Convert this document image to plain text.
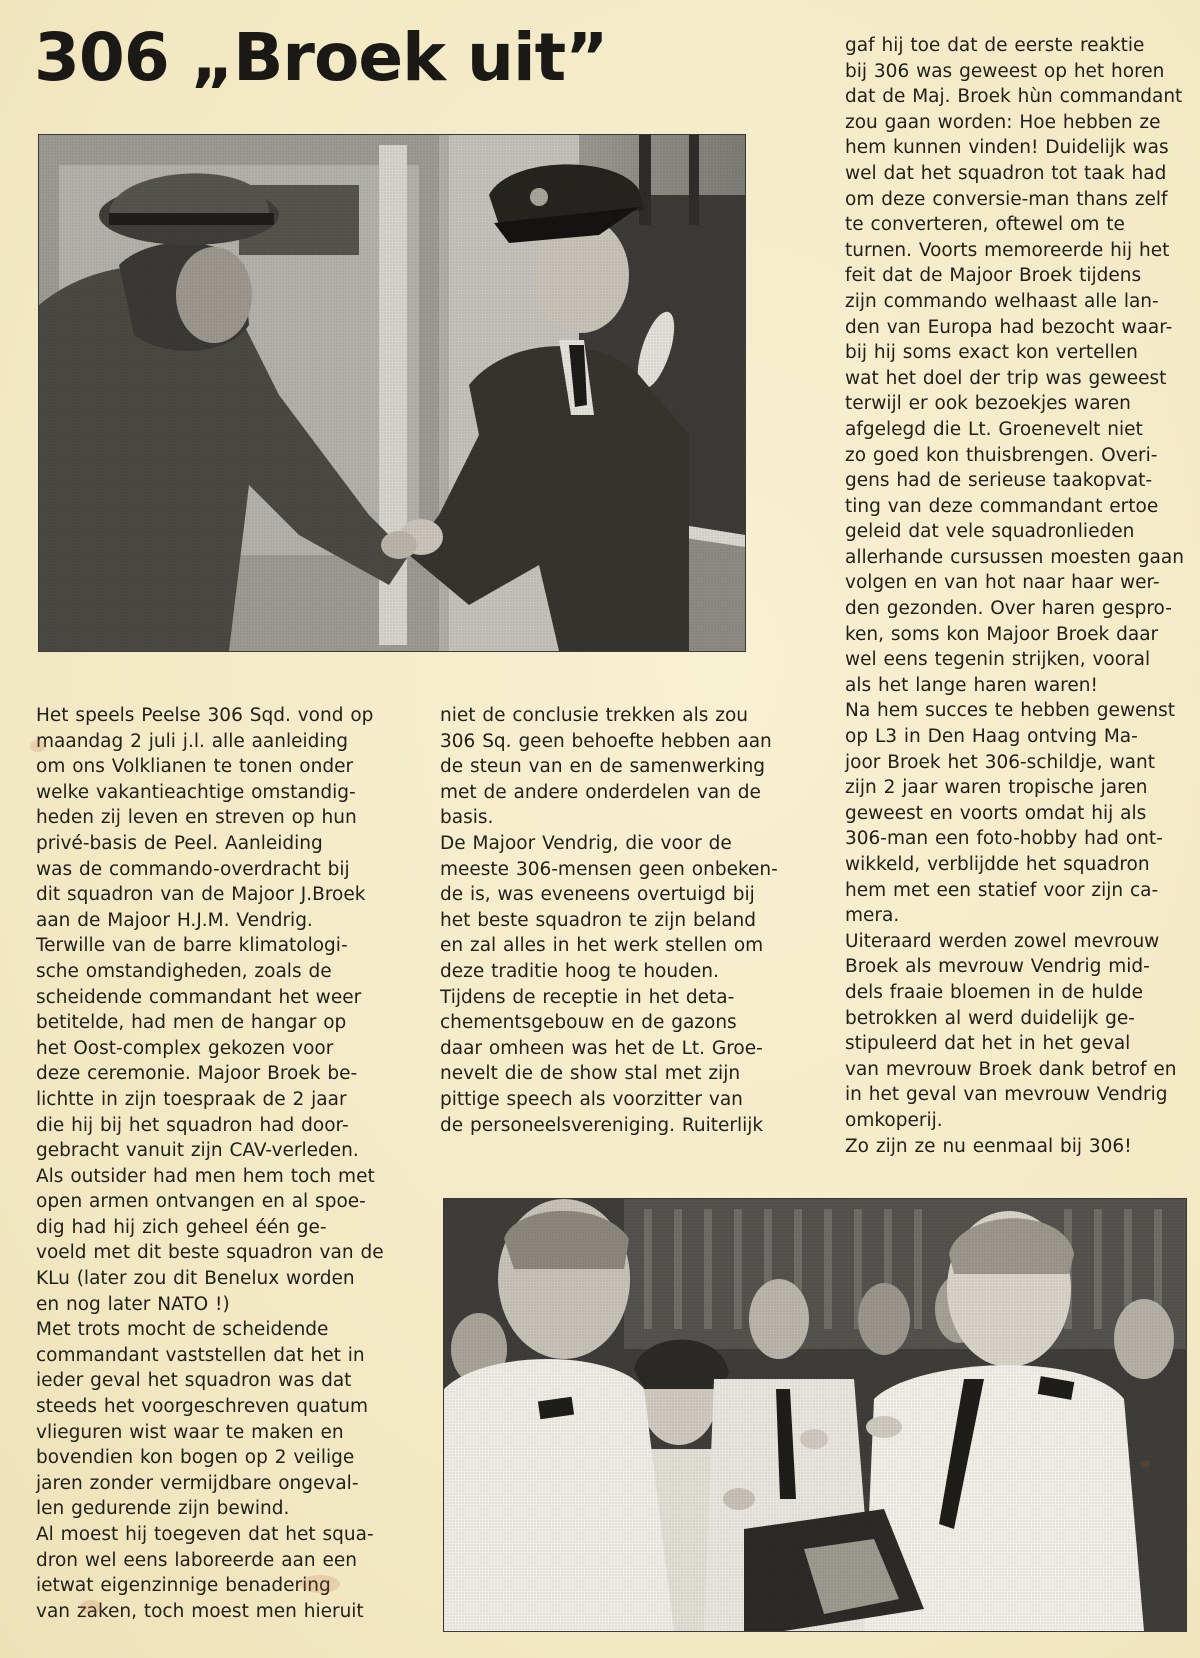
306 „Broek uit”
Het speels Peelse 306 Sqd. vond op
maandag 2 juli j.l. alle aanleiding
om ons Volklianen te tonen onder
welke vakantieachtige omstandig-
heden zij leven en streven op hun
privé-basis de Peel. Aanleiding
was de commando-overdracht bij
dit squadron van de Majoor J.Broek
aan de Majoor H.J.M. Vendrig.
Terwille van de barre klimatologi-
sche omstandigheden, zoals de
scheidende commandant het weer
betitelde, had men de hangar op
het Oost-complex gekozen voor
deze ceremonie. Majoor Broek be-
lichtte in zijn toespraak de 2 jaar
die hij bij het squadron had door-
gebracht vanuit zijn CAV-verleden.
Als outsider had men hem toch met
open armen ontvangen en al spoe-
dig had hij zich geheel één ge-
voeld met dit beste squadron van de
KLu (later zou dit Benelux worden
en nog later NATO !)
Met trots mocht de scheidende
commandant vaststellen dat het in
ieder geval het squadron was dat
steeds het voorgeschreven quatum
vlieguren wist waar te maken en
bovendien kon bogen op 2 veilige
jaren zonder vermijdbare ongeval-
len gedurende zijn bewind.
Al moest hij toegeven dat het squa-
dron wel eens laboreerde aan een
ietwat eigenzinnige benadering
van zaken, toch moest men hieruit
niet de conclusie trekken als zou
306 Sq. geen behoefte hebben aan
de steun van en de samenwerking
met de andere onderdelen van de
basis.
De Majoor Vendrig, die voor de
meeste 306-mensen geen onbeken-
de is, was eveneens overtuigd bij
het beste squadron te zijn beland
en zal alles in het werk stellen om
deze traditie hoog te houden.
Tijdens de receptie in het deta-
chementsgebouw en de gazons
daar omheen was het de Lt. Groe-
nevelt die de show stal met zijn
pittige speech als voorzitter van
de personeelsvereniging. Ruiterlijk
gaf hij toe dat de eerste reaktie
bij 306 was geweest op het horen
dat de Maj. Broek hùn commandant
zou gaan worden: Hoe hebben ze
hem kunnen vinden! Duidelijk was
wel dat het squadron tot taak had
om deze conversie-man thans zelf
te converteren, oftewel om te
turnen. Voorts memoreerde hij het
feit dat de Majoor Broek tijdens
zijn commando welhaast alle lan-
den van Europa had bezocht waar-
bij hij soms exact kon vertellen
wat het doel der trip was geweest
terwijl er ook bezoekjes waren
afgelegd die Lt. Groenevelt niet
zo goed kon thuisbrengen. Overi-
gens had de serieuse taakopvat-
ting van deze commandant ertoe
geleid dat vele squadronlieden
allerhande cursussen moesten gaan
volgen en van hot naar haar wer-
den gezonden. Over haren gespro-
ken, soms kon Majoor Broek daar
wel eens tegenin strijken, vooral
als het lange haren waren!
Na hem succes te hebben gewenst
op L3 in Den Haag ontving Ma-
joor Broek het 306-schildje, want
zijn 2 jaar waren tropische jaren
geweest en voorts omdat hij als
306-man een foto-hobby had ont-
wikkeld, verblijdde het squadron
hem met een statief voor zijn ca-
mera.
Uiteraard werden zowel mevrouw
Broek als mevrouw Vendrig mid-
dels fraaie bloemen in de hulde
betrokken al werd duidelijk ge-
stipuleerd dat het in het geval
van mevrouw Broek dank betrof en
in het geval van mevrouw Vendrig
omkoperij.
Zo zijn ze nu eenmaal bij 306!
